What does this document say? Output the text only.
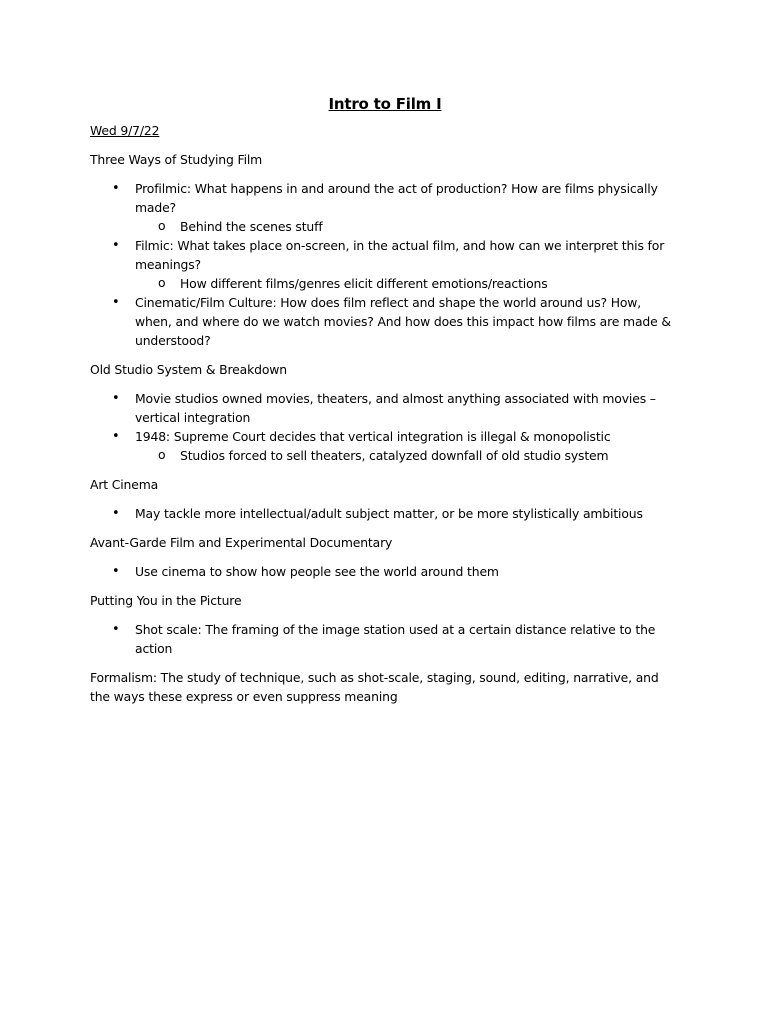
Intro to Film I
Wed 9/7/22
Three Ways of Studying Film
• Profilmic: What happens in and around the act of production? How are films physically made?
o Behind the scenes stuff
• Filmic: What takes place on-screen, in the actual film, and how can we interpret this for meanings?
o How different films/genres elicit different emotions/reactions
• Cinematic/Film Culture: How does film reflect and shape the world around us? How, when, and where do we watch movies? And how does this impact how films are made & understood?
Old Studio System & Breakdown
• Movie studios owned movies, theaters, and almost anything associated with movies – vertical integration
• 1948: Supreme Court decides that vertical integration is illegal & monopolistic
o Studios forced to sell theaters, catalyzed downfall of old studio system
Art Cinema
• May tackle more intellectual/adult subject matter, or be more stylistically ambitious
Avant-Garde Film and Experimental Documentary
• Use cinema to show how people see the world around them
Putting You in the Picture
• Shot scale: The framing of the image station used at a certain distance relative to the action
Formalism: The study of technique, such as shot-scale, staging, sound, editing, narrative, and the ways these express or even suppress meaning
